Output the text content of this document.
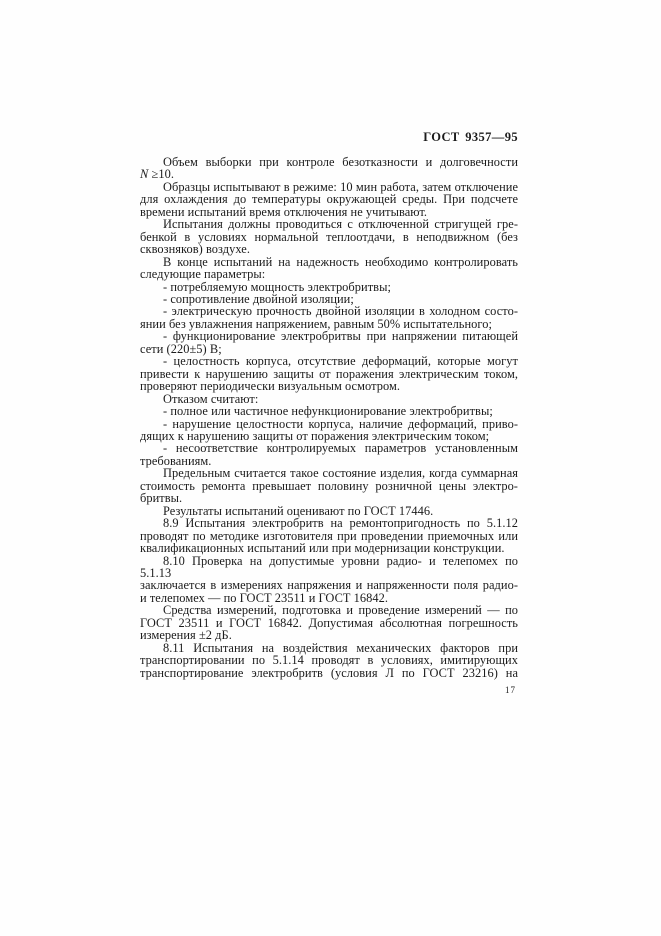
ГОСТ 9357—95

Объем выборки при контроле безотказности и долговечности
N ≥10.

Образцы испытывают в режиме: 10 мин работа, затем отключение
для охлаждения до температуры окружающей среды. При подсчете
времени испытаний время отключения не учитывают.

Испытания должны проводиться с отключенной стригущей гре-
бенкой в условиях нормальной теплоотдачи, в неподвижном (без
сквозняков) воздухе.

В конце испытаний на надежность необходимо контролировать
следующие параметры:

- потребляемую мощность электробритвы;

- сопротивление двойной изоляции;

- электрическую прочность двойной изоляции в холодном состо-
янии без увлажнения напряжением, равным 50% испытательного;

- функционирование электробритвы при напряжении питающей
сети (220±5) В;

- целостность корпуса, отсутствие деформаций, которые могут
привести к нарушению защиты от поражения электрическим током,
проверяют периодически визуальным осмотром.

Отказом считают:

- полное или частичное нефункционирование электробритвы;

- нарушение целостности корпуса, наличие деформаций, приво-
дящих к нарушению защиты от поражения электрическим током;

- несоответствие контролируемых параметров установленным
требованиям.

Предельным считается такое состояние изделия, когда суммарная
стоимость ремонта превышает половину розничной цены электро-
бритвы.

Результаты испытаний оценивают по ГОСТ 17446.

8.9 Испытания электробритв на ремонтопригодность по 5.1.12
проводят по методике изготовителя при проведении приемочных или
квалификационных испытаний или при модернизации конструкции.

8.10 Проверка на допустимые уровни радио- и телепомех по 5.1.13
заключается в измерениях напряжения и напряженности поля радио-
и телепомех — по ГОСТ 23511 и ГОСТ 16842.

Средства измерений, подготовка и проведение измерений — по
ГОСТ 23511 и ГОСТ 16842. Допустимая абсолютная погрешность
измерения ±2 дБ.

8.11 Испытания на воздействия механических факторов при
транспортировании по 5.1.14 проводят в условиях, имитирующих
транспортирование электробритв (условия Л по ГОСТ 23216) на

17
